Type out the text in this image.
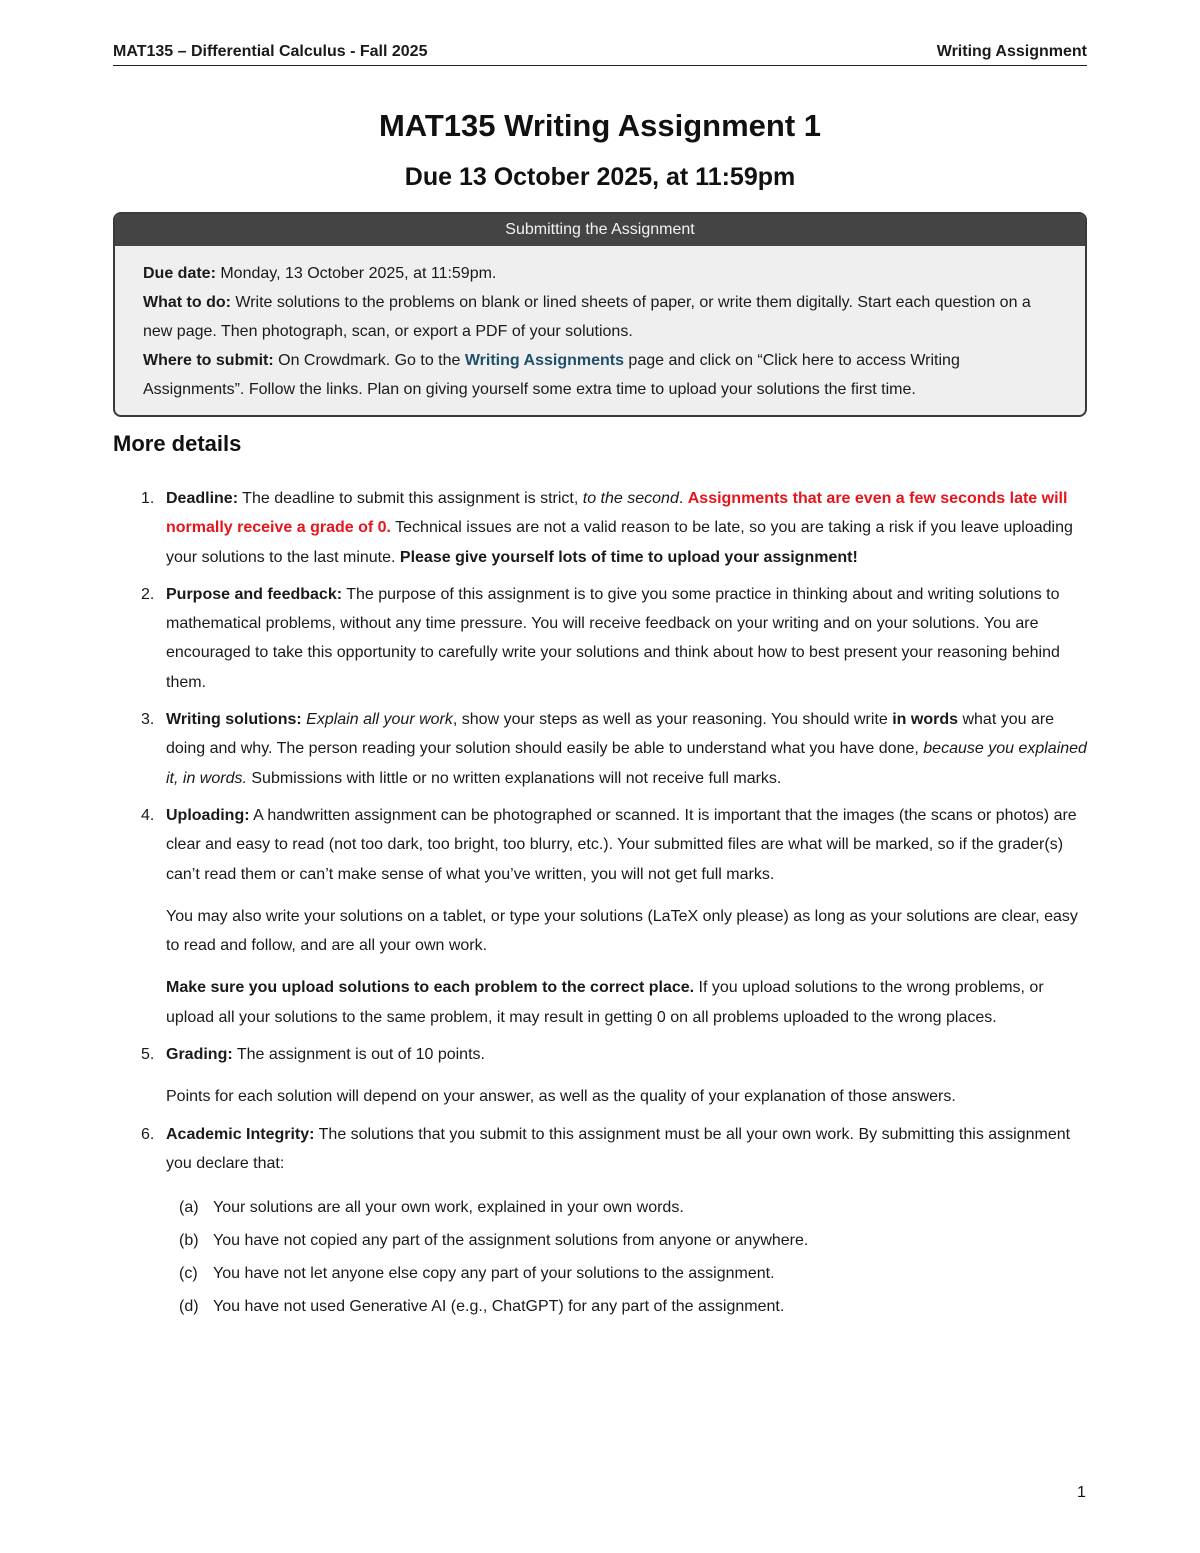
MAT135 – Differential Calculus - Fall 2025	Writing Assignment
MAT135 Writing Assignment 1
Due 13 October 2025, at 11:59pm
Submitting the Assignment
Due date: Monday, 13 October 2025, at 11:59pm.
What to do: Write solutions to the problems on blank or lined sheets of paper, or write them digitally. Start each question on a new page. Then photograph, scan, or export a PDF of your solutions.
Where to submit: On Crowdmark. Go to the Writing Assignments page and click on “Click here to access Writing Assignments”. Follow the links. Plan on giving yourself some extra time to upload your solutions the first time.
More details
1. Deadline: The deadline to submit this assignment is strict, to the second. Assignments that are even a few seconds late will normally receive a grade of 0. Technical issues are not a valid reason to be late, so you are taking a risk if you leave uploading your solutions to the last minute. Please give yourself lots of time to upload your assignment!

2. Purpose and feedback: The purpose of this assignment is to give you some practice in thinking about and writing solutions to mathematical problems, without any time pressure. You will receive feedback on your writing and on your solutions. You are encouraged to take this opportunity to carefully write your solutions and think about how to best present your reasoning behind them.

3. Writing solutions: Explain all your work, show your steps as well as your reasoning. You should write in words what you are doing and why. The person reading your solution should easily be able to understand what you have done, because you explained it, in words. Submissions with little or no written explanations will not receive full marks.

4. Uploading: A handwritten assignment can be photographed or scanned. It is important that the images (the scans or photos) are clear and easy to read (not too dark, too bright, too blurry, etc.). Your submitted files are what will be marked, so if the grader(s) can’t read them or can’t make sense of what you’ve written, you will not get full marks.

You may also write your solutions on a tablet, or type your solutions (LaTeX only please) as long as your solutions are clear, easy to read and follow, and are all your own work.

Make sure you upload solutions to each problem to the correct place. If you upload solutions to the wrong problems, or upload all your solutions to the same problem, it may result in getting 0 on all problems uploaded to the wrong places.

5. Grading: The assignment is out of 10 points.

Points for each solution will depend on your answer, as well as the quality of your explanation of those answers.

6. Academic Integrity: The solutions that you submit to this assignment must be all your own work. By submitting this assignment you declare that:

(a) Your solutions are all your own work, explained in your own words.
(b) You have not copied any part of the assignment solutions from anyone or anywhere.
(c) You have not let anyone else copy any part of your solutions to the assignment.
(d) You have not used Generative AI (e.g., ChatGPT) for any part of the assignment.
1
